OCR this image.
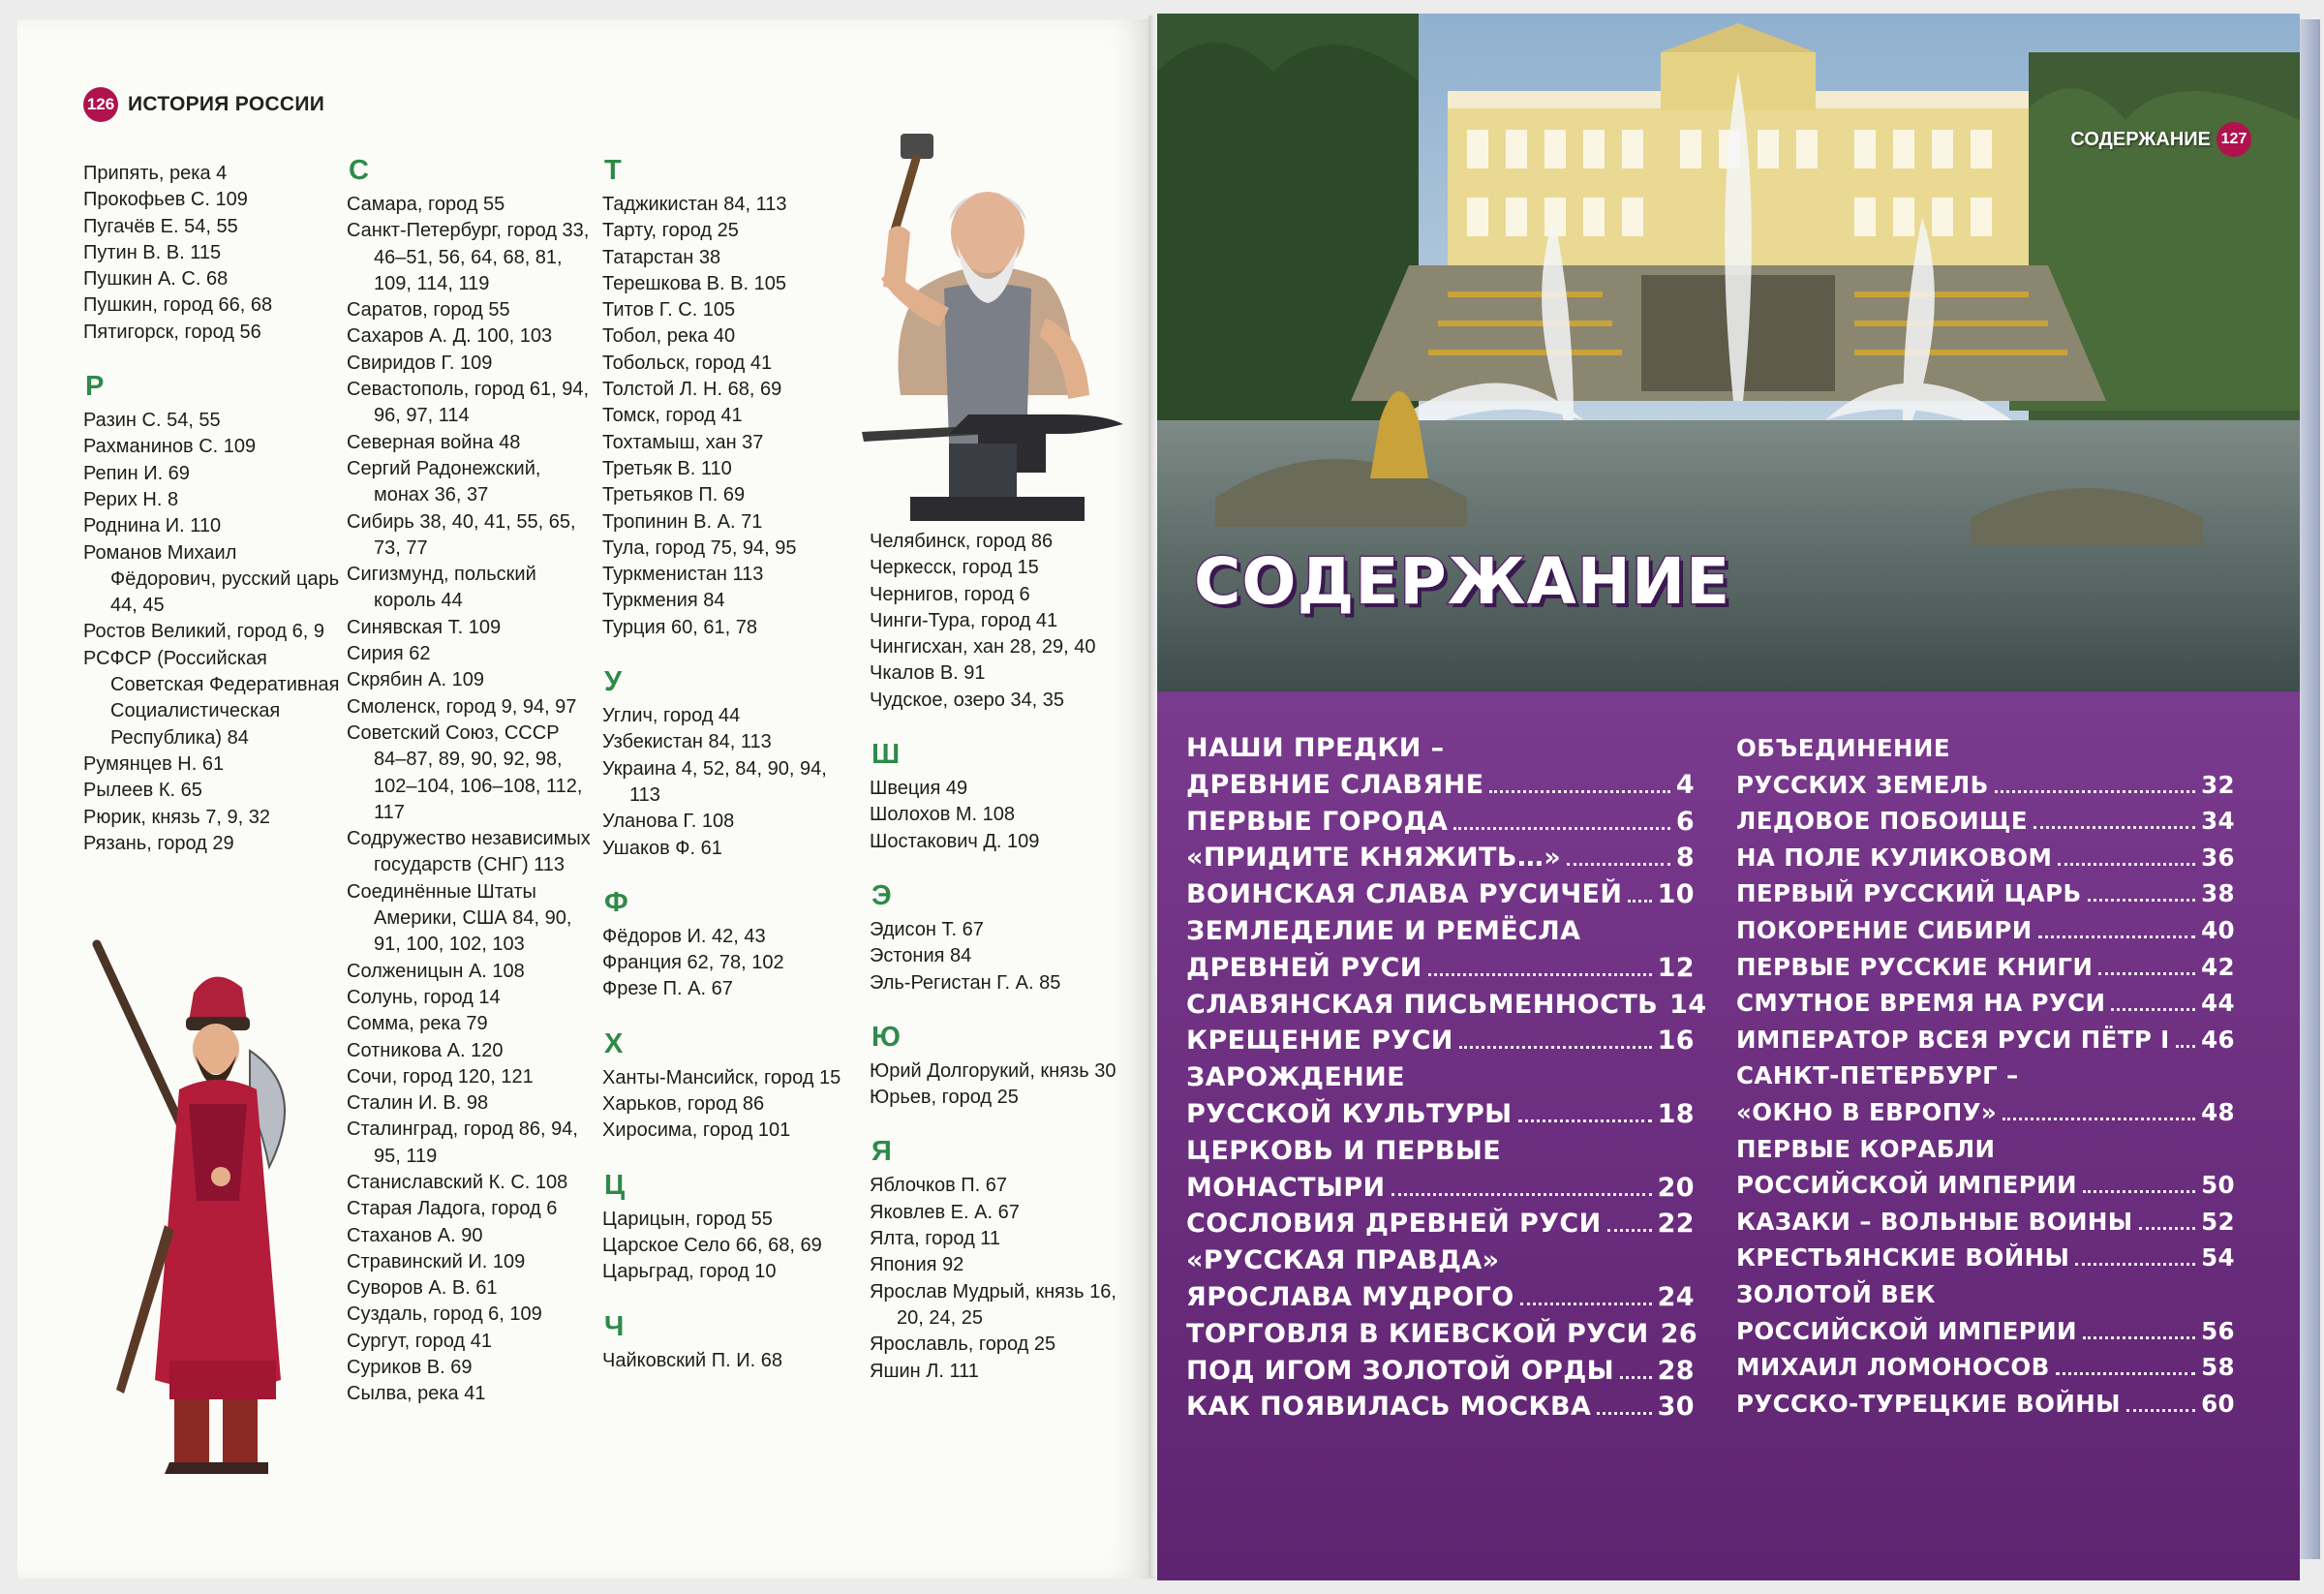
126 ИСТОРИЯ РОССИИ
Припять, река 4
Прокофьев С. 109
Пугачёв Е. 54, 55
Путин В. В. 115
Пушкин А. С. 68
Пушкин, город 66, 68
Пятигорск, город 56
Р
Разин С. 54, 55
Рахманинов С. 109
Репин И. 69
Рерих Н. 8
Роднина И. 110
Романов Михаил Фёдорович, русский царь 44, 45
Ростов Великий, город 6, 9
РСФСР (Российская Советская Федеративная Социалистическая Республика) 84
Румянцев Н. 61
Рылеев К. 65
Рюрик, князь 7, 9, 32
Рязань, город 29
С
Самара, город 55
Санкт-Петербург, город 33, 46–51, 56, 64, 68, 81, 109, 114, 119
Саратов, город 55
Сахаров А. Д. 100, 103
Свиридов Г. 109
Севастополь, город 61, 94, 96, 97, 114
Северная война 48
Сергий Радонежский, монах 36, 37
Сибирь 38, 40, 41, 55, 65, 73, 77
Сигизмунд, польский король 44
Синявская Т. 109
Сирия 62
Скрябин А. 109
Смоленск, город 9, 94, 97
Советский Союз, СССР 84–87, 89, 90, 92, 98, 102–104, 106–108, 112, 117
Содружество независимых государств (СНГ) 113
Соединённые Штаты Америки, США 84, 90, 91, 100, 102, 103
Солженицын А. 108
Солунь, город 14
Сомма, река 79
Сотникова А. 120
Сочи, город 120, 121
Сталин И. В. 98
Сталинград, город 86, 94, 95, 119
Станиславский К. С. 108
Старая Ладога, город 6
Стаханов А. 90
Стравинский И. 109
Суворов А. В. 61
Суздаль, город 6, 109
Сургут, город 41
Суриков В. 69
Сылва, река 41
Т
Таджикистан 84, 113
Тарту, город 25
Татарстан 38
Терешкова В. В. 105
Титов Г. С. 105
Тобол, река 40
Тобольск, город 41
Толстой Л. Н. 68, 69
Томск, город 41
Тохтамыш, хан 37
Третьяк В. 110
Третьяков П. 69
Тропинин В. А. 71
Тула, город 75, 94, 95
Туркменистан 113
Туркмения 84
Турция 60, 61, 78
У
Углич, город 44
Узбекистан 84, 113
Украина 4, 52, 84, 90, 94, 113
Уланова Г. 108
Ушаков Ф. 61
Ф
Фёдоров И. 42, 43
Франция 62, 78, 102
Фрезе П. А. 67
Х
Ханты-Мансийск, город 15
Харьков, город 86
Хиросима, город 101
Ц
Царицын, город 55
Царское Село 66, 68, 69
Царьград, город 10
Ч
Чайковский П. И. 68
Челябинск, город 86
Черкесск, город 15
Чернигов, город 6
Чинги-Тура, город 41
Чингисхан, хан 28, 29, 40
Чкалов В. 91
Чудское, озеро 34, 35
Ш
Швеция 49
Шолохов М. 108
Шостакович Д. 109
Э
Эдисон Т. 67
Эстония 84
Эль-Регистан Г. А. 85
Ю
Юрий Долгорукий, князь 30
Юрьев, город 25
Я
Яблочков П. 67
Яковлев Е. А. 67
Ялта, город 11
Япония 92
Ярослав Мудрый, князь 16, 20, 24, 25
Ярославль, город 25
Яшин Л. 111
СОДЕРЖАНИЕ 127
СОДЕРЖАНИЕ
НАШИ ПРЕДКИ –
ДРЕВНИЕ СЛАВЯНЕ	4
ПЕРВЫЕ ГОРОДА	6
«ПРИДИТЕ КНЯЖИТЬ…»	8
ВОИНСКАЯ СЛАВА РУСИЧЕЙ 10
ЗЕМЛЕДЕЛИЕ И РЕМЁСЛА
ДРЕВНЕЙ РУСИ	12
СЛАВЯНСКАЯ ПИСЬМЕННОСТЬ 14
КРЕЩЕНИЕ РУСИ	16
ЗАРОЖДЕНИЕ
РУССКОЙ КУЛЬТУРЫ	18
ЦЕРКОВЬ И ПЕРВЫЕ
МОНАСТЫРИ	20
СОСЛОВИЯ ДРЕВНЕЙ РУСИ 22
«РУССКАЯ ПРАВДА»
ЯРОСЛАВА МУДРОГО	24
ТОРГОВЛЯ В КИЕВСКОЙ РУСИ 26
ПОД ИГОМ ЗОЛОТОЙ ОРДЫ 28
КАК ПОЯВИЛАСЬ МОСКВА	30
ОБЪЕДИНЕНИЕ
РУССКИХ ЗЕМЕЛЬ	32
ЛЕДОВОЕ ПОБОИЩЕ	34
НА ПОЛЕ КУЛИКОВОМ	36
ПЕРВЫЙ РУССКИЙ ЦАРЬ	38
ПОКОРЕНИЕ СИБИРИ	40
ПЕРВЫЕ РУССКИЕ КНИГИ	42
СМУТНОЕ ВРЕМЯ НА РУСИ	44
ИМПЕРАТОР ВСЕЯ РУСИ ПЁТР I 46
САНКТ-ПЕТЕРБУРГ –
«ОКНО В ЕВРОПУ»	48
ПЕРВЫЕ КОРАБЛИ
РОССИЙСКОЙ ИМПЕРИИ	50
КАЗАКИ – ВОЛЬНЫЕ ВОИНЫ	52
КРЕСТЬЯНСКИЕ ВОЙНЫ	54
ЗОЛОТОЙ ВЕК
РОССИЙСКОЙ ИМПЕРИИ	56
МИХАИЛ ЛОМОНОСОВ	58
РУССКО-ТУРЕЦКИЕ ВОЙНЫ	60
